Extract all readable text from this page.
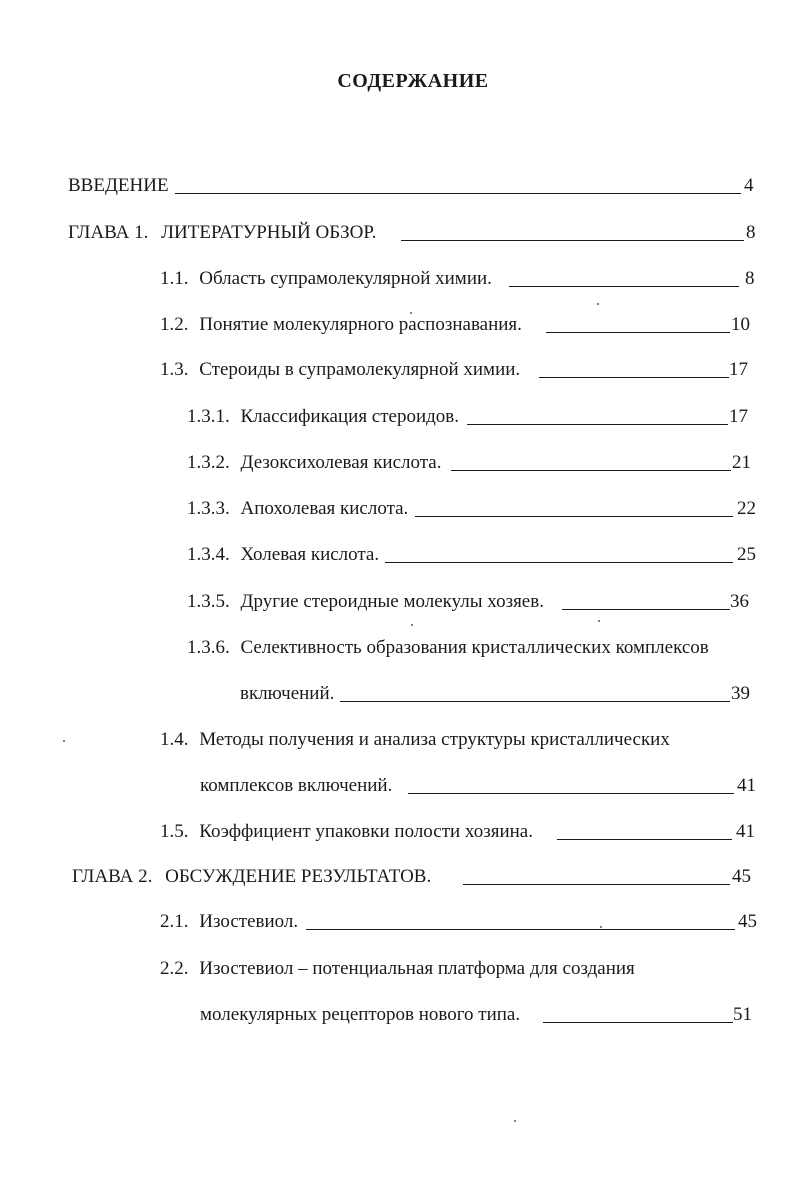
СОДЕРЖАНИЕ
ВВЕДЕНИЕ	4
ГЛАВА 1. ЛИТЕРАТУРНЫЙ ОБЗОР.	8
1.1. Область супрамолекулярной химии.	8
1.2. Понятие молекулярного распознавания.	10
1.3. Стероиды в супрамолекулярной химии.	17
1.3.1. Классификация стероидов.	17
1.3.2. Дезоксихолевая кислота.	21
1.3.3. Апохолевая кислота.	22
1.3.4. Холевая кислота.	25
1.3.5. Другие стероидные молекулы хозяев.	36
1.3.6. Селективность образования кристаллических комплексов
включений.	39
1.4. Методы получения и анализа структуры кристаллических
комплексов включений.	41
1.5. Коэффициент упаковки полости хозяина.	41
ГЛАВА 2. ОБСУЖДЕНИЕ РЕЗУЛЬТАТОВ.	45
2.1. Изостевиол.	45
2.2. Изостевиол – потенциальная платформа для создания
молекулярных рецепторов нового типа.	51
